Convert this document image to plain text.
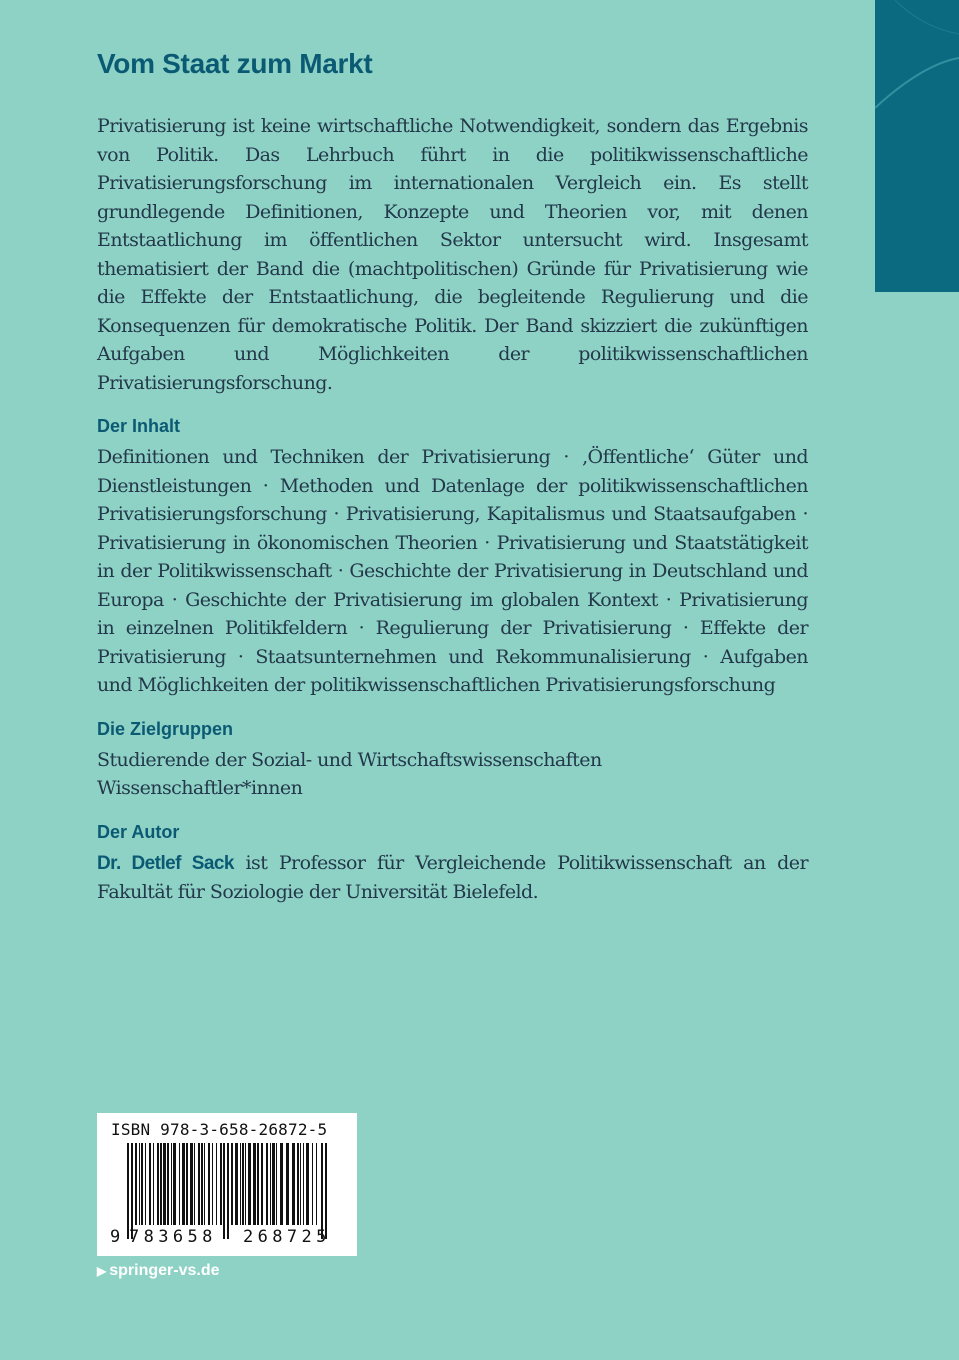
Vom Staat zum Markt

Privatisierung ist keine wirtschaftliche Notwendigkeit, sondern das Ergebnis von Politik. Das Lehrbuch führt in die politikwissenschaftliche Privatisierungsforschung im internationalen Vergleich ein. Es stellt grundlegende Definitionen, Konzepte und Theorien vor, mit denen Entstaatlichung im öffentlichen Sektor untersucht wird. Insgesamt thematisiert der Band die (machtpolitischen) Gründe für Privatisierung wie die Effekte der Entstaatlichung, die begleitende Regulierung und die Konsequenzen für demokratische Politik. Der Band skizziert die zukünftigen Aufgaben und Möglichkeiten der politikwissenschaftlichen Privatisierungsforschung.

Der Inhalt

Definitionen und Techniken der Privatisierung · ‚Öffentliche‘ Güter und Dienstleistungen · Methoden und Datenlage der politikwissenschaftlichen Privatisierungsforschung · Privatisierung, Kapitalismus und Staatsaufgaben · Privatisierung in ökonomischen Theorien · Privatisierung und Staatstätigkeit in der Politikwissenschaft · Geschichte der Privatisierung in Deutschland und Europa · Geschichte der Privatisierung im globalen Kontext · Privatisierung in einzelnen Politikfeldern · Regulierung der Privatisierung · Effekte der Privatisierung · Staatsunternehmen und Rekommunalisierung · Aufgaben und Möglichkeiten der politikwissenschaftlichen Privatisierungsforschung

Die Zielgruppen

Studierende der Sozial- und Wirtschaftswissenschaften
Wissenschaftler*innen

Der Autor

Dr. Detlef Sack ist Professor für Vergleichende Politikwissenschaft an der Fakultät für Soziologie der Universität Bielefeld.

ISBN 978-3-658-26872-5
9 783658 268725
▶ springer-vs.de
